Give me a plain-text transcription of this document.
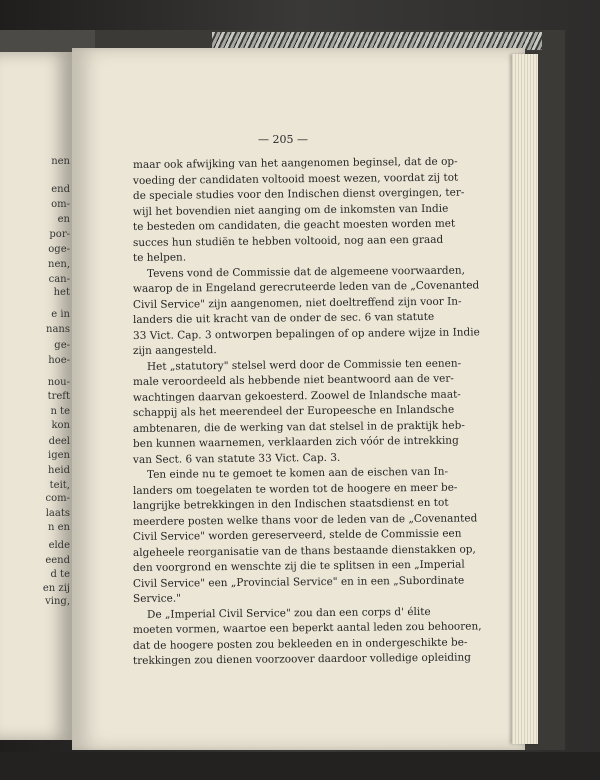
nen

end

om-

en

por-

oge-

nen,

can-

het

e in

nans

ge-

hoe-

nou-

treft

n te

kon

deel

igen

heid

teit,

com-

laats

n en

elde

eend

d te

en zij

ving,

— 205 —

maar ook afwijking van het aangenomen beginsel, dat de op-

voeding der candidaten voltooid moest wezen, voordat zij tot

de speciale studies voor den Indischen dienst overgingen, ter-

wijl het bovendien niet aanging om de inkomsten van Indie

te besteden om candidaten, die geacht moesten worden met

succes hun studiën te hebben voltooid, nog aan een graad

te helpen.

Tevens vond de Commissie dat de algemeene voorwaarden,

waarop de in Engeland gerecruteerde leden van de „Covenanted

Civil Service" zijn aangenomen, niet doeltreffend zijn voor In-

landers die uit kracht van de onder de sec. 6 van statute

33 Vict. Cap. 3 ontworpen bepalingen of op andere wijze in Indie

zijn aangesteld.

Het „statutory" stelsel werd door de Commissie ten eenen-

male veroordeeld als hebbende niet beantwoord aan de ver-

wachtingen daarvan gekoesterd. Zoowel de Inlandsche maat-

schappij als het meerendeel der Europeesche en Inlandsche

ambtenaren, die de werking van dat stelsel in de praktijk heb-

ben kunnen waarnemen, verklaarden zich vóór de intrekking

van Sect. 6 van statute 33 Vict. Cap. 3.

Ten einde nu te gemoet te komen aan de eischen van In-

landers om toegelaten te worden tot de hoogere en meer be-

langrijke betrekkingen in den Indischen staatsdienst en tot

meerdere posten welke thans voor de leden van de „Covenanted

Civil Service" worden gereserveerd, stelde de Commissie een

algeheele reorganisatie van de thans bestaande dienstakken op,

den voorgrond en wenschte zij die te splitsen in een „Imperial

Civil Service" een „Provincial Service" en in een „Subordinate

Service."

De „Imperial Civil Service" zou dan een corps d' élite

moeten vormen, waartoe een beperkt aantal leden zou behooren,

dat de hoogere posten zou bekleeden en in ondergeschikte be-

trekkingen zou dienen voorzoover daardoor volledige opleiding
